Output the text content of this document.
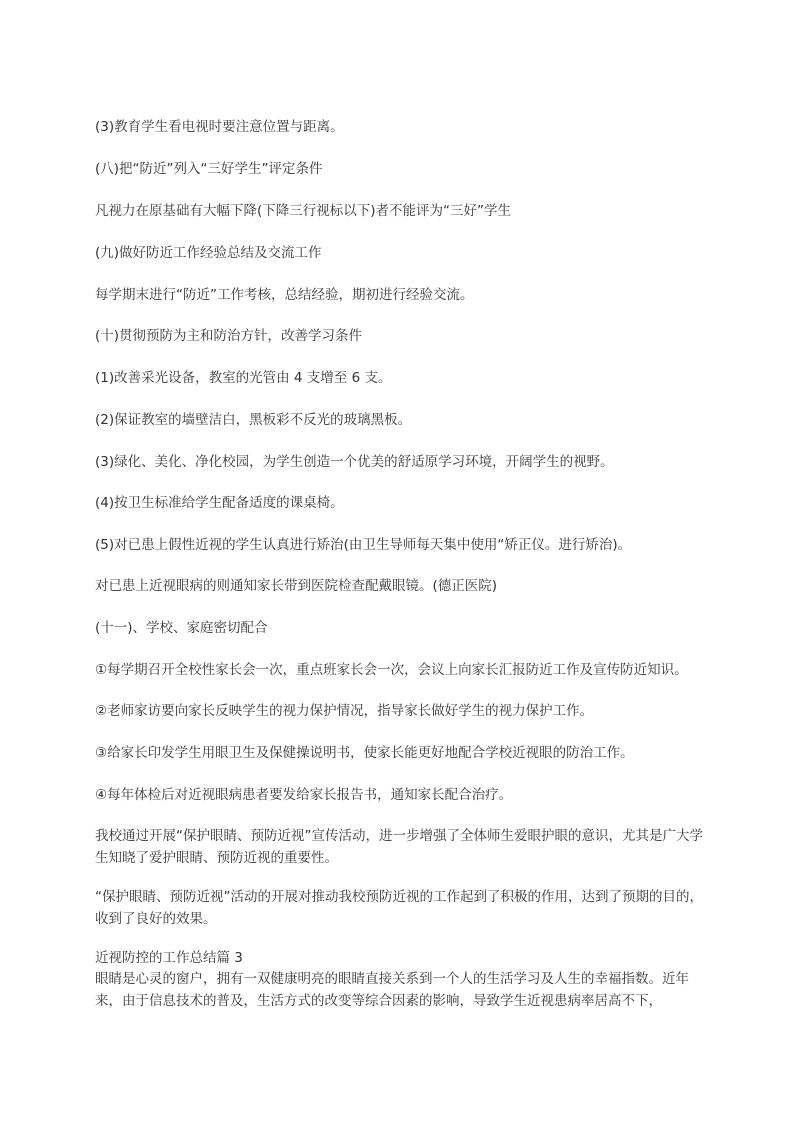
(3)教育学生看电视时要注意位置与距离。
(八)把“防近”列入“三好学生”评定条件
凡视力在原基础有大幅下降(下降三行视标以下)者不能评为“三好”学生
(九)做好防近工作经验总结及交流工作
每学期末进行“防近”工作考核，总结经验，期初进行经验交流。
(十)贯彻预防为主和防治方针，改善学习条件
(1)改善采光设备，教室的光管由 4 支增至 6 支。
(2)保证教室的墙壁洁白，黑板彩不反光的玻璃黑板。
(3)绿化、美化、净化校园，为学生创造一个优美的舒适原学习环境，开阔学生的视野。
(4)按卫生标准给学生配备适度的课桌椅。
(5)对已患上假性近视的学生认真进行矫治(由卫生导师每天集中使用“矫正仪。进行矫治)。
对已患上近视眼病的则通知家长带到医院检查配戴眼镜。(德正医院)
(十一)、学校、家庭密切配合
①每学期召开全校性家长会一次，重点班家长会一次，会议上向家长汇报防近工作及宣传防近知识。
②老师家访要向家长反映学生的视力保护情况，指导家长做好学生的视力保护工作。
③给家长印发学生用眼卫生及保健操说明书，使家长能更好地配合学校近视眼的防治工作。
④每年体检后对近视眼病患者要发给家长报告书，通知家长配合治疗。
我校通过开展“保护眼睛、预防近视”宣传活动，进一步增强了全体师生爱眼护眼的意识，尤其是广大学生知晓了爱护眼睛、预防近视的重要性。
“保护眼睛、预防近视”活动的开展对推动我校预防近视的工作起到了积极的作用，达到了预期的目的，收到了良好的效果。
近视防控的工作总结篇 3
眼睛是心灵的窗户，拥有一双健康明亮的眼睛直接关系到一个人的生活学习及人生的幸福指数。近年来，由于信息技术的普及，生活方式的改变等综合因素的影响，导致学生近视患病率居高不下，
